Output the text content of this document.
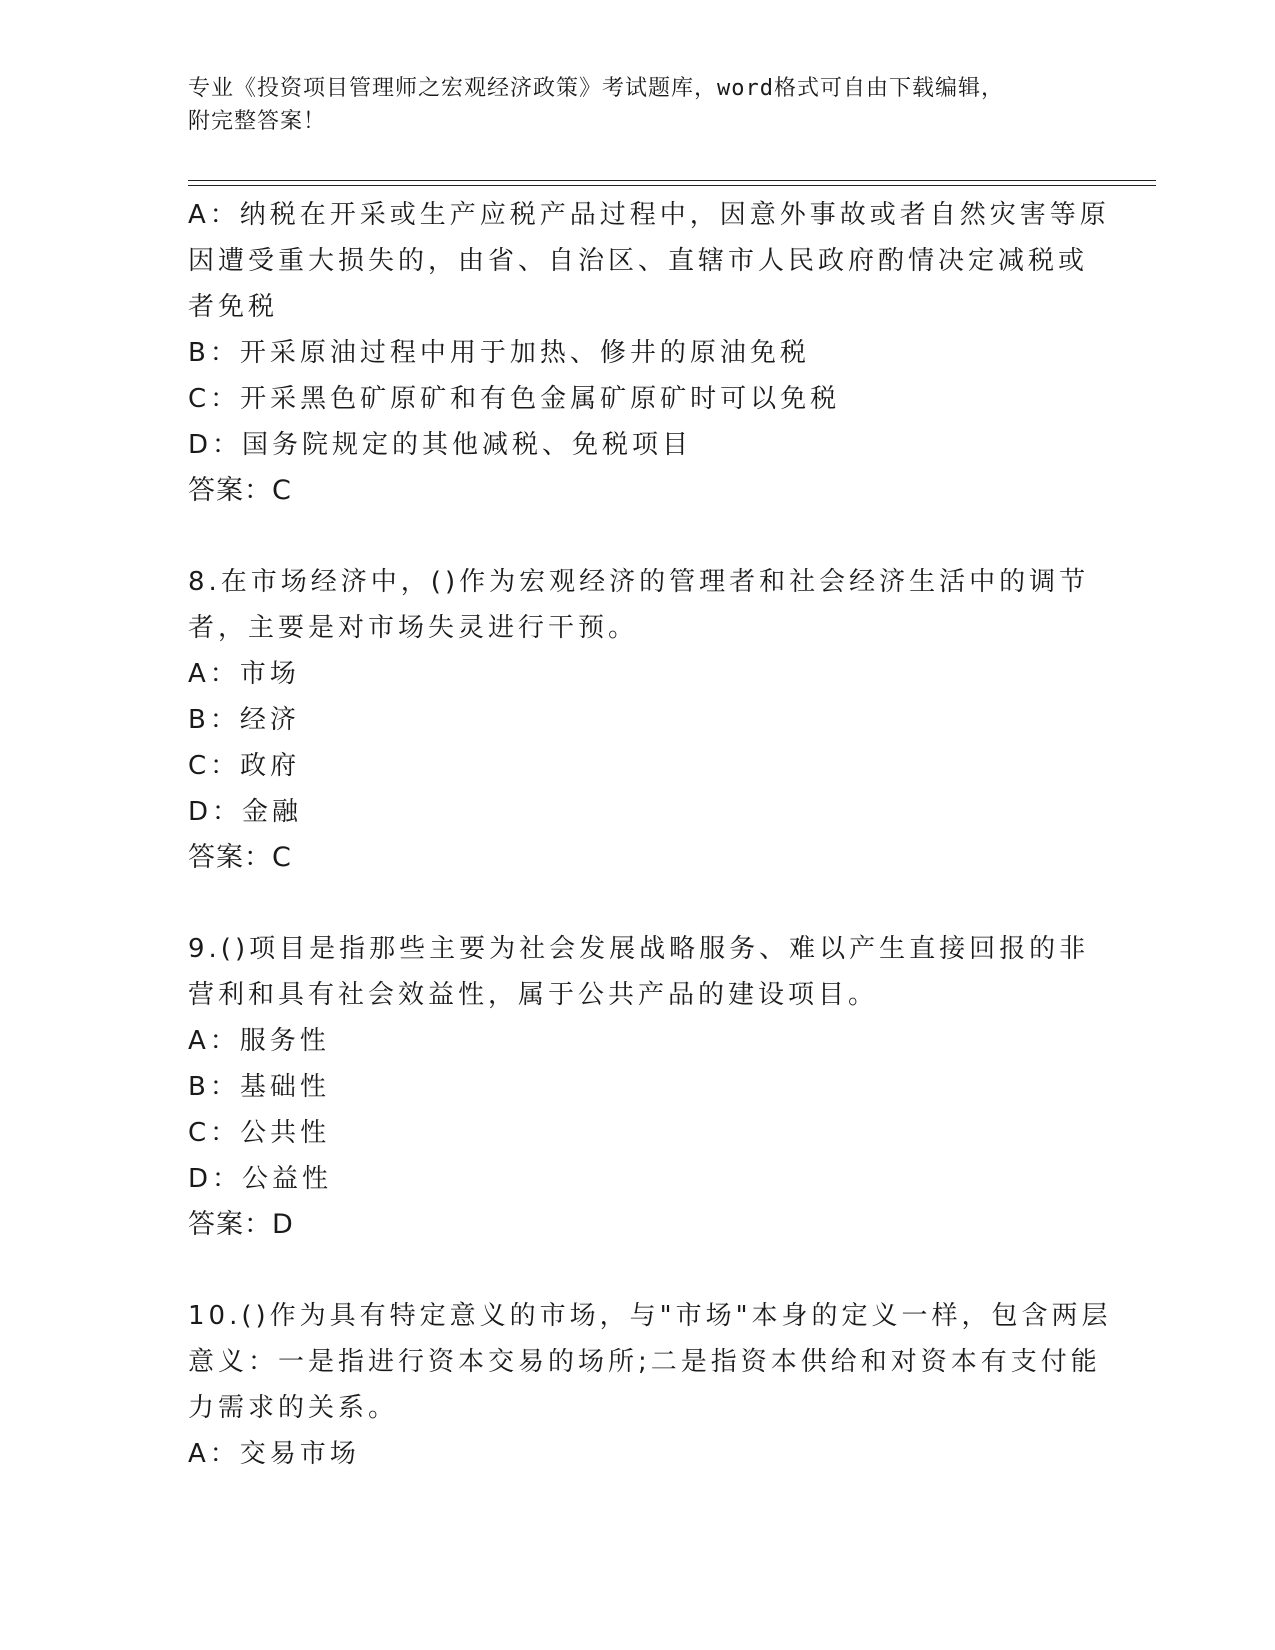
专业《投资项目管理师之宏观经济政策》考试题库，word格式可自由下载编辑，
附完整答案！
A：纳税在开采或生产应税产品过程中，因意外事故或者自然灾害等原
因遭受重大损失的，由省、自治区、直辖市人民政府酌情决定减税或
者免税
B：开采原油过程中用于加热、修井的原油免税
C：开采黑色矿原矿和有色金属矿原矿时可以免税
D：国务院规定的其他减税、免税项目
答案：C
8.在市场经济中，()作为宏观经济的管理者和社会经济生活中的调节
者，主要是对市场失灵进行干预。
A：市场
B：经济
C：政府
D：金融
答案：C
9.()项目是指那些主要为社会发展战略服务、难以产生直接回报的非
营利和具有社会效益性，属于公共产品的建设项目。
A：服务性
B：基础性
C：公共性
D：公益性
答案：D
10.()作为具有特定意义的市场，与"市场"本身的定义一样，包含两层
意义：一是指进行资本交易的场所;二是指资本供给和对资本有支付能
力需求的关系。
A：交易市场
